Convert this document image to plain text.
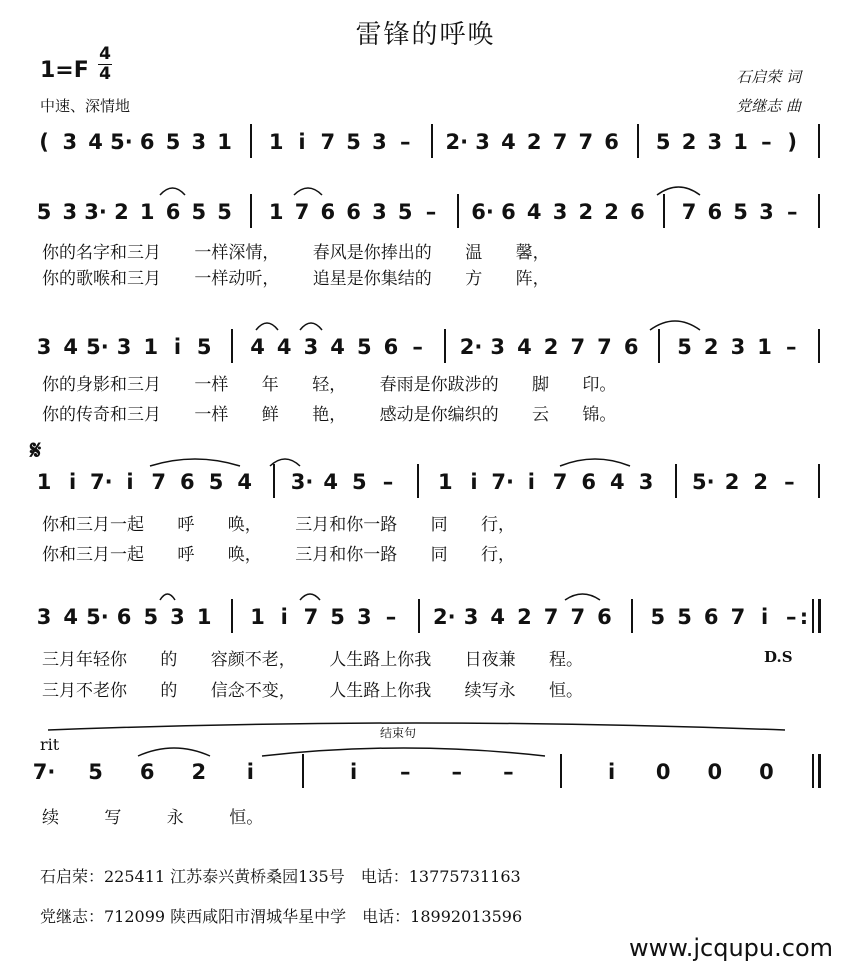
雷锋的呼唤
1=F
4
4
中速、深情地
石启荣 词
党继志 曲
𝄋
D.S
rit
结束句
( 3 4 5· 6 5 3 1 1 i 7 5 3 – 2· 3 4 2 7 7 6 5 2 3 1 – )
5 3 3· 2 1 6 5 5 1 7 6 6 3 5 – 6· 6 4 3 2 2 6 7 6 5 3 –
你的名字和三月 一样深情， 春风是你捧出的 温 馨，
你的歌喉和三月 一样动听， 追星是你集结的 方 阵，
3 4 5· 3 1 i 5 4 4 3 4 5 6 – 2· 3 4 2 7 7 6 5 2 3 1 –
你的身影和三月 一样 年 轻， 春雨是你跋涉的 脚 印。
你的传奇和三月 一样 鲜 艳， 感动是你编织的 云 锦。
1 i 7· i 7 6 5 4 3· 4 5 – 1 i 7· i 7 6 4 3 5· 2 2 –
你和三月一起 呼 唤， 三月和你一路 同 行，
你和三月一起 呼 唤， 三月和你一路 同 行，
3 4 5· 6 5 3 1 1 i 7 5 3 – 2· 3 4 2 7 7 6 5 5 6 7 i – :
三月年轻你 的 容颜不老， 人生路上你我 日夜兼 程。
三月不老你 的 信念不变， 人生路上你我 续写永 恒。
7· 5 6 2 i	i – – –	i 0 0 0
续 写 永 恒。
石启荣：225411 江苏泰兴黄桥桑园135号　电话：13775731163
党继志：712099 陕西咸阳市渭城华星中学　电话：18992013596
www.jcqupu.com
